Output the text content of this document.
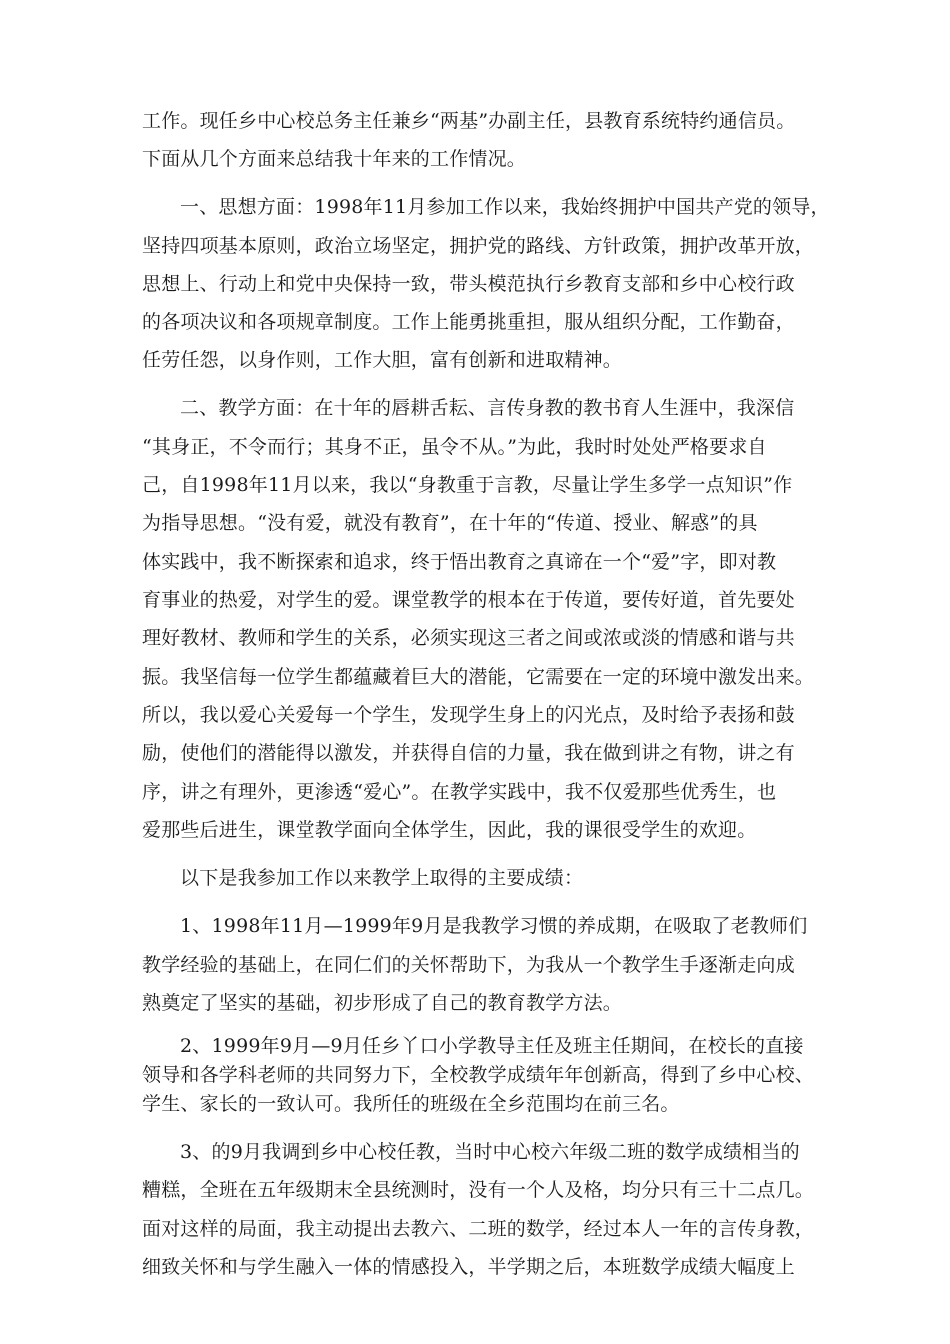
工作。现任乡中心校总务主任兼乡“两基”办副主任，县教育系统特约通信员。
下面从几个方面来总结我十年来的工作情况。
一、思想方面：1998年11月参加工作以来，我始终拥护中国共产党的领导，
坚持四项基本原则，政治立场坚定，拥护党的路线、方针政策，拥护改革开放，
思想上、行动上和党中央保持一致，带头模范执行乡教育支部和乡中心校行政
的各项决议和各项规章制度。工作上能勇挑重担，服从组织分配，工作勤奋，
任劳任怨，以身作则，工作大胆，富有创新和进取精神。
二、教学方面：在十年的唇耕舌耘、言传身教的教书育人生涯中，我深信
“其身正，不令而行；其身不正，虽令不从。”为此，我时时处处严格要求自
己，自1998年11月以来，我以“身教重于言教，尽量让学生多学一点知识”作
为指导思想。“没有爱，就没有教育”，在十年的“传道、授业、解惑”的具
体实践中，我不断探索和追求，终于悟出教育之真谛在一个“爱”字，即对教
育事业的热爱，对学生的爱。课堂教学的根本在于传道，要传好道，首先要处
理好教材、教师和学生的关系，必须实现这三者之间或浓或淡的情感和谐与共
振。我坚信每一位学生都蕴藏着巨大的潜能，它需要在一定的环境中激发出来。
所以，我以爱心关爱每一个学生，发现学生身上的闪光点，及时给予表扬和鼓
励，使他们的潜能得以激发，并获得自信的力量，我在做到讲之有物，讲之有
序，讲之有理外，更渗透“爱心”。在教学实践中，我不仅爱那些优秀生，也
爱那些后进生，课堂教学面向全体学生，因此，我的课很受学生的欢迎。
以下是我参加工作以来教学上取得的主要成绩：
1、1998年11月—1999年9月是我教学习惯的养成期，在吸取了老教师们
教学经验的基础上，在同仁们的关怀帮助下，为我从一个教学生手逐渐走向成
熟奠定了坚实的基础，初步形成了自己的教育教学方法。
2、1999年9月—9月任乡丫口小学教导主任及班主任期间，在校长的直接
领导和各学科老师的共同努力下，全校教学成绩年年创新高，得到了乡中心校、
学生、家长的一致认可。我所任的班级在全乡范围均在前三名。
3、的9月我调到乡中心校任教，当时中心校六年级二班的数学成绩相当的
糟糕，全班在五年级期末全县统测时，没有一个人及格，均分只有三十二点几。
面对这样的局面，我主动提出去教六、二班的数学，经过本人一年的言传身教，
细致关怀和与学生融入一体的情感投入，半学期之后，本班数学成绩大幅度上
